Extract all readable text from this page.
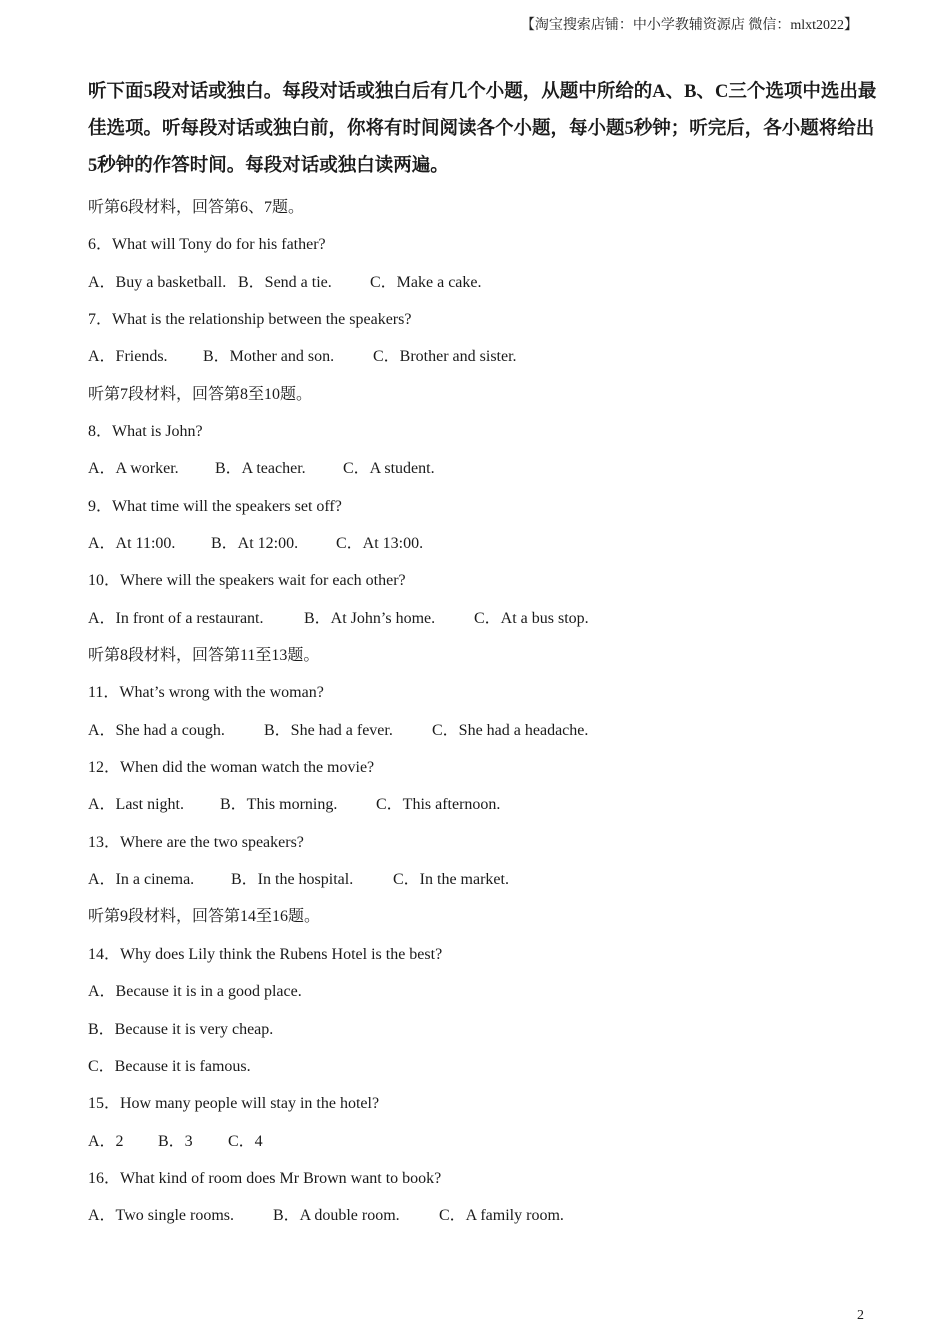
【淘宝搜索店铺：中小学教辅资源店 微信：mlxt2022】

听下面5段对话或独白。每段对话或独白后有几个小题，从题中所给的A、B、C三个选项中选出最佳选项。听每段对话或独白前，你将有时间阅读各个小题，每小题5秒钟；听完后，各小题将给出5秒钟的作答时间。每段对话或独白读两遍。

听第6段材料，回答第6、7题。

6．What will Tony do for his father?

A．Buy a basketball. B．Send a tie. C．Make a cake.

7．What is the relationship between the speakers?

A．Friends. B．Mother and son. C．Brother and sister.

听第7段材料，回答第8至10题。

8．What is John?

A．A worker. B．A teacher. C．A student.

9．What time will the speakers set off?

A．At 11:00. B．At 12:00. C．At 13:00.

10．Where will the speakers wait for each other?

A．In front of a restaurant.	B．At John’s home. C．At a bus stop.

听第8段材料，回答第11至13题。

11．What’s wrong with the woman?

A．She had a cough. B．She had a fever. C．She had a headache.

12．When did the woman watch the movie?

A．Last night. B．This morning. C．This afternoon.

13．Where are the two speakers?

A．In a cinema. B．In the hospital. C．In the market.

听第9段材料，回答第14至16题。

14．Why does Lily think the Rubens Hotel is the best?

A．Because it is in a good place.

B．Because it is very cheap.

C．Because it is famous.

15．How many people will stay in the hotel?

A．2 B．3 C．4

16．What kind of room does Mr Brown want to book?

A．Two single rooms. B．A double room. C．A family room.

2
